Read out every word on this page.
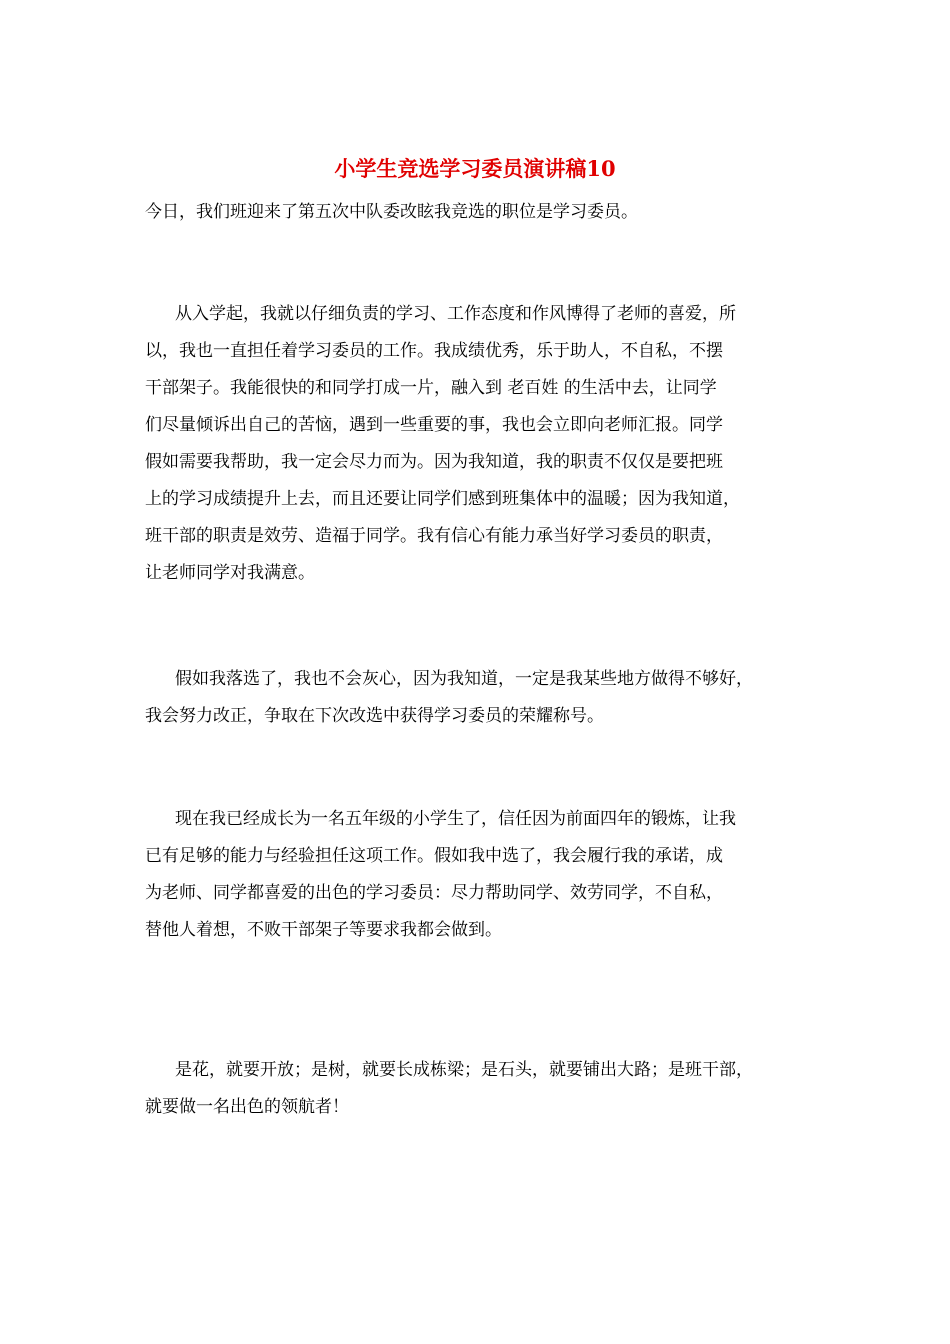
小学生竞选学习委员演讲稿10
今日，我们班迎来了第五次中队委改眩我竞选的职位是学习委员。
从入学起，我就以仔细负责的学习、工作态度和作风博得了老师的喜爱，所
以，我也一直担任着学习委员的工作。我成绩优秀，乐于助人，不自私，不摆
干部架子。我能很快的和同学打成一片，融入到 老百姓 的生活中去，让同学
们尽量倾诉出自己的苦恼，遇到一些重要的事，我也会立即向老师汇报。同学
假如需要我帮助，我一定会尽力而为。因为我知道，我的职责不仅仅是要把班
上的学习成绩提升上去，而且还要让同学们感到班集体中的温暖；因为我知道，
班干部的职责是效劳、造福于同学。我有信心有能力承当好学习委员的职责，
让老师同学对我满意。
假如我落选了，我也不会灰心，因为我知道，一定是我某些地方做得不够好，
我会努力改正，争取在下次改选中获得学习委员的荣耀称号。
现在我已经成长为一名五年级的小学生了，信任因为前面四年的锻炼，让我
已有足够的能力与经验担任这项工作。假如我中选了，我会履行我的承诺，成
为老师、同学都喜爱的出色的学习委员：尽力帮助同学、效劳同学，不自私，
替他人着想，不败干部架子等要求我都会做到。
是花，就要开放；是树，就要长成栋梁；是石头，就要铺出大路；是班干部，
就要做一名出色的领航者！
